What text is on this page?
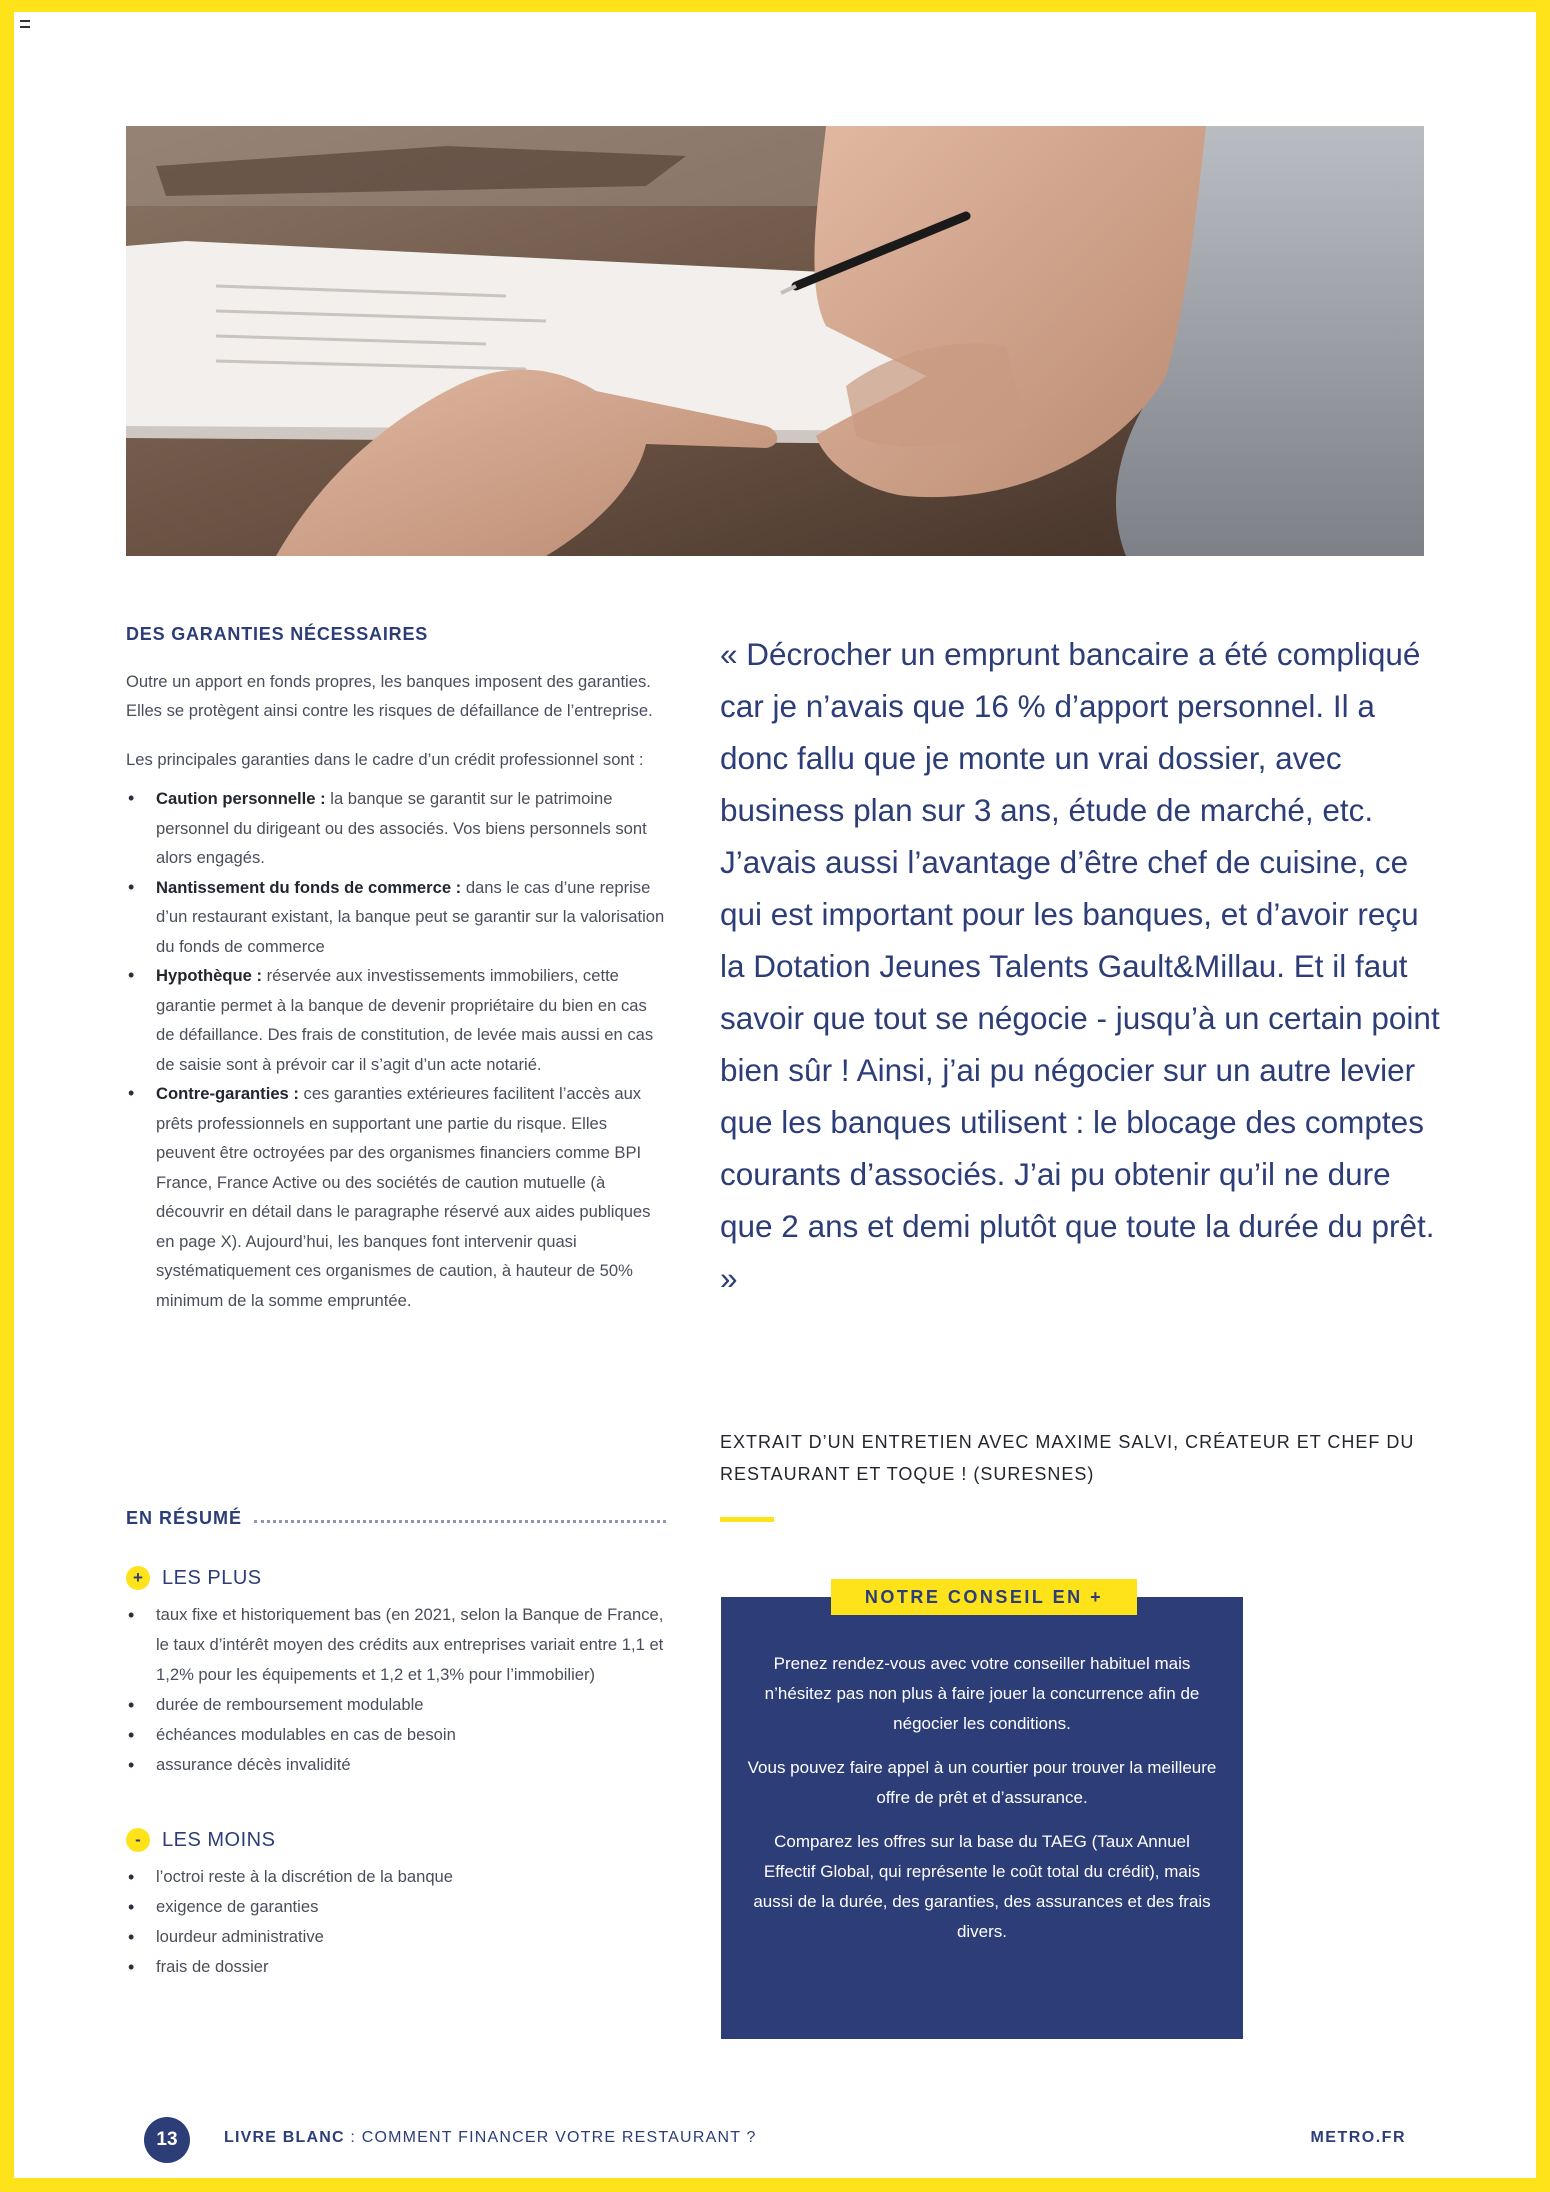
DES GARANTIES NÉCESSAIRES

Outre un apport en fonds propres, les banques imposent des garanties. Elles se protègent ainsi contre les risques de défaillance de l’entreprise.

Les principales garanties dans le cadre d’un crédit professionnel sont :

• Caution personnelle : la banque se garantit sur le patrimoine personnel du dirigeant ou des associés. Vos biens personnels sont alors engagés.
• Nantissement du fonds de commerce : dans le cas d’une reprise d’un restaurant existant, la banque peut se garantir sur la valorisation du fonds de commerce
• Hypothèque : réservée aux investissements immobiliers, cette garantie permet à la banque de devenir propriétaire du bien en cas de défaillance. Des frais de constitution, de levée mais aussi en cas de saisie sont à prévoir car il s’agit d’un acte notarié.
• Contre-garanties : ces garanties extérieures facilitent l’accès aux prêts professionnels en supportant une partie du risque. Elles peuvent être octroyées par des organismes financiers comme BPI France, France Active ou des sociétés de caution mutuelle (à découvrir en détail dans le paragraphe réservé aux aides publiques en page X). Aujourd’hui, les banques font intervenir quasi systématiquement ces organismes de caution, à hauteur de 50% minimum de la somme empruntée.
EN RÉSUMÉ
+ LES PLUS
• taux fixe et historiquement bas (en 2021, selon la Banque de France, le taux d’intérêt moyen des crédits aux entreprises variait entre 1,1 et 1,2% pour les équipements et 1,2 et 1,3% pour l’immobilier)
• durée de remboursement modulable
• échéances modulables en cas de besoin
• assurance décès invalidité
-	LES MOINS
• l’octroi reste à la discrétion de la banque
• exigence de garanties
• lourdeur administrative
• frais de dossier

« Décrocher un emprunt bancaire a été compliqué car je n’avais que 16 % d’apport personnel. Il a donc fallu que je monte un vrai dossier, avec business plan sur 3 ans, étude de marché, etc. J’avais aussi l’avantage d’être chef de cuisine, ce qui est important pour les banques, et d’avoir reçu la Dotation Jeunes Talents Gault&Millau. Et il faut savoir que tout se négocie - jusqu’à un certain point bien sûr ! Ainsi, j’ai pu négocier sur un autre levier que les banques utilisent : le blocage des comptes courants d’associés. J’ai pu obtenir qu’il ne dure que 2 ans et demi plutôt que toute la durée du prêt. »

EXTRAIT D’UN ENTRETIEN AVEC MAXIME SALVI, CRÉATEUR ET CHEF DU RESTAURANT ET TOQUE ! (SURESNES)
NOTRE CONSEIL EN +

Prenez rendez-vous avec votre conseiller habituel mais n’hésitez pas non plus à faire jouer la concurrence afin de négocier les conditions.

Vous pouvez faire appel à un courtier pour trouver la meilleure offre de prêt et d’assurance.

Comparez les offres sur la base du TAEG (Taux Annuel Effectif Global, qui représente le coût total du crédit), mais aussi de la durée, des garanties, des assurances et des frais divers.

13	LIVRE BLANC : COMMENT FINANCER VOTRE RESTAURANT ?	METRO.FR
